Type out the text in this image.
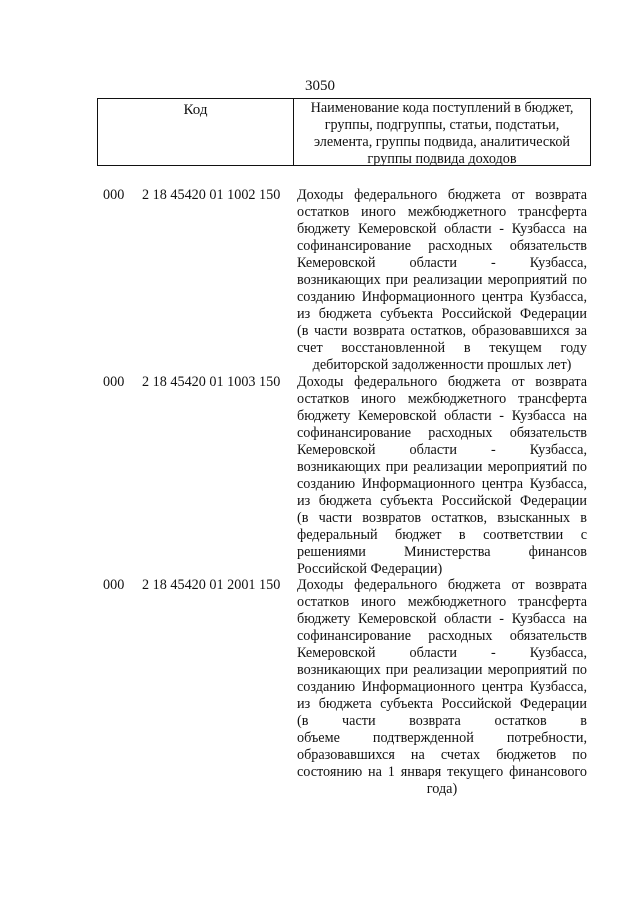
3050
Код	Наименование кода поступлений в бюджет,
группы, подгруппы, статьи, подстатьи,
элемента, группы подвида, аналитической
группы подвида доходов
000 2 18 45420 01 1002 150 Доходы федерального бюджета от возврата
остатков иного межбюджетного трансферта
бюджету Кемеровской области - Кузбасса на
софинансирование расходных обязательств
Кемеровской области - Кузбасса,
возникающих при реализации мероприятий по
созданию Информационного центра Кузбасса,
из бюджета субъекта Российской Федерации
(в части возврата остатков, образовавшихся за
счет восстановленной в текущем году
дебиторской задолженности прошлых лет)
000 2 18 45420 01 1003 150 Доходы федерального бюджета от возврата
остатков иного межбюджетного трансферта
бюджету Кемеровской области - Кузбасса на
софинансирование расходных обязательств
Кемеровской области - Кузбасса,
возникающих при реализации мероприятий по
созданию Информационного центра Кузбасса,
из бюджета субъекта Российской Федерации
(в части возвратов остатков, взысканных в
федеральный бюджет в соответствии с
решениями Министерства финансов
Российской Федерации)
000 2 18 45420 01 2001 150 Доходы федерального бюджета от возврата
остатков иного межбюджетного трансферта
бюджету Кемеровской области - Кузбасса на
софинансирование расходных обязательств
Кемеровской области - Кузбасса,
возникающих при реализации мероприятий по
созданию Информационного центра Кузбасса,
из бюджета субъекта Российской Федерации
(в части возврата остатков в
объеме подтвержденной потребности,
образовавшихся на счетах бюджетов по
состоянию на 1 января текущего финансового
года)
